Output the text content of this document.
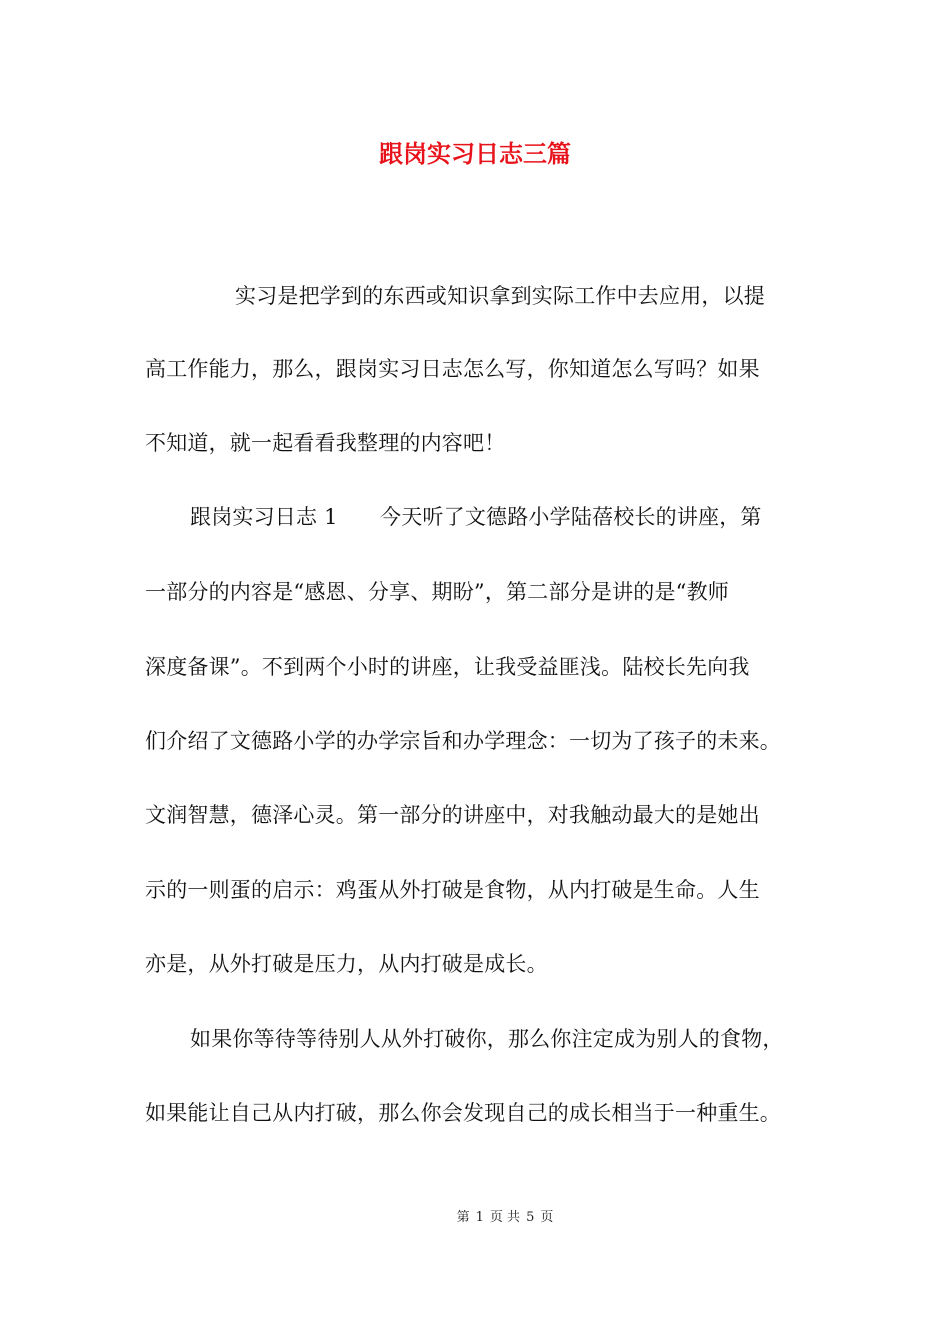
跟岗实习日志三篇
实习是把学到的东西或知识拿到实际工作中去应用，以提
高工作能力，那么，跟岗实习日志怎么写，你知道怎么写吗？如果
不知道，就一起看看我整理的内容吧！
跟岗实习日志 1　　今天听了文德路小学陆蓓校长的讲座，第
一部分的内容是“感恩、分享、期盼”，第二部分是讲的是“教师
深度备课”。不到两个小时的讲座，让我受益匪浅。陆校长先向我
们介绍了文德路小学的办学宗旨和办学理念：一切为了孩子的未来。
文润智慧，德泽心灵。第一部分的讲座中，对我触动最大的是她出
示的一则蛋的启示：鸡蛋从外打破是食物，从内打破是生命。人生
亦是，从外打破是压力，从内打破是成长。
如果你等待等待别人从外打破你，那么你注定成为别人的食物，
如果能让自己从内打破，那么你会发现自己的成长相当于一种重生。
第 1 页 共 5 页
